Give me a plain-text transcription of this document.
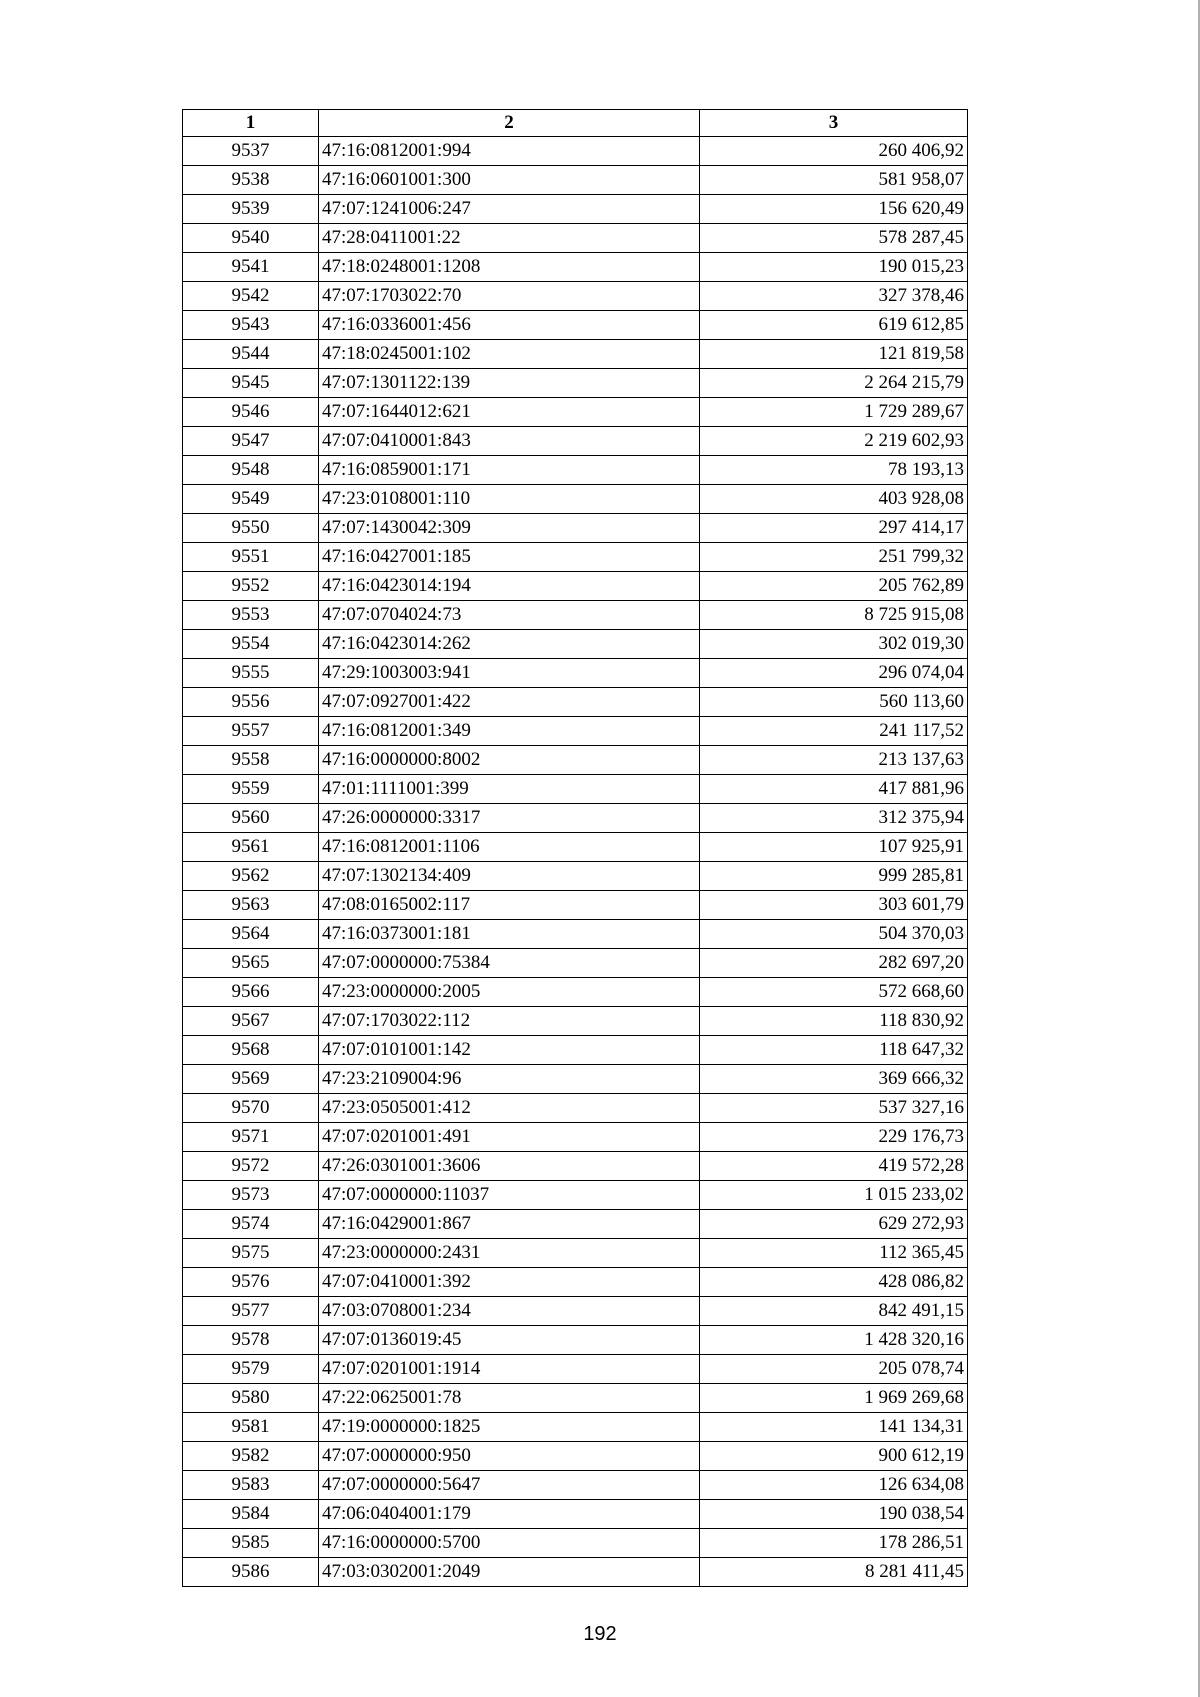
1	2	3
9537	47:16:0812001:994	260 406,92
9538	47:16:0601001:300	581 958,07
9539	47:07:1241006:247	156 620,49
9540	47:28:0411001:22	578 287,45
9541	47:18:0248001:1208	190 015,23
9542	47:07:1703022:70	327 378,46
9543	47:16:0336001:456	619 612,85
9544	47:18:0245001:102	121 819,58
9545	47:07:1301122:139	2 264 215,79
9546	47:07:1644012:621	1 729 289,67
9547	47:07:0410001:843	2 219 602,93
9548	47:16:0859001:171	78 193,13
9549	47:23:0108001:110	403 928,08
9550	47:07:1430042:309	297 414,17
9551	47:16:0427001:185	251 799,32
9552	47:16:0423014:194	205 762,89
9553	47:07:0704024:73	8 725 915,08
9554	47:16:0423014:262	302 019,30
9555	47:29:1003003:941	296 074,04
9556	47:07:0927001:422	560 113,60
9557	47:16:0812001:349	241 117,52
9558	47:16:0000000:8002	213 137,63
9559	47:01:1111001:399	417 881,96
9560	47:26:0000000:3317	312 375,94
9561	47:16:0812001:1106	107 925,91
9562	47:07:1302134:409	999 285,81
9563	47:08:0165002:117	303 601,79
9564	47:16:0373001:181	504 370,03
9565	47:07:0000000:75384	282 697,20
9566	47:23:0000000:2005	572 668,60
9567	47:07:1703022:112	118 830,92
9568	47:07:0101001:142	118 647,32
9569	47:23:2109004:96	369 666,32
9570	47:23:0505001:412	537 327,16
9571	47:07:0201001:491	229 176,73
9572	47:26:0301001:3606	419 572,28
9573	47:07:0000000:11037	1 015 233,02
9574	47:16:0429001:867	629 272,93
9575	47:23:0000000:2431	112 365,45
9576	47:07:0410001:392	428 086,82
9577	47:03:0708001:234	842 491,15
9578	47:07:0136019:45	1 428 320,16
9579	47:07:0201001:1914	205 078,74
9580	47:22:0625001:78	1 969 269,68
9581	47:19:0000000:1825	141 134,31
9582	47:07:0000000:950	900 612,19
9583	47:07:0000000:5647	126 634,08
9584	47:06:0404001:179	190 038,54
9585	47:16:0000000:5700	178 286,51
9586	47:03:0302001:2049	8 281 411,45
192
